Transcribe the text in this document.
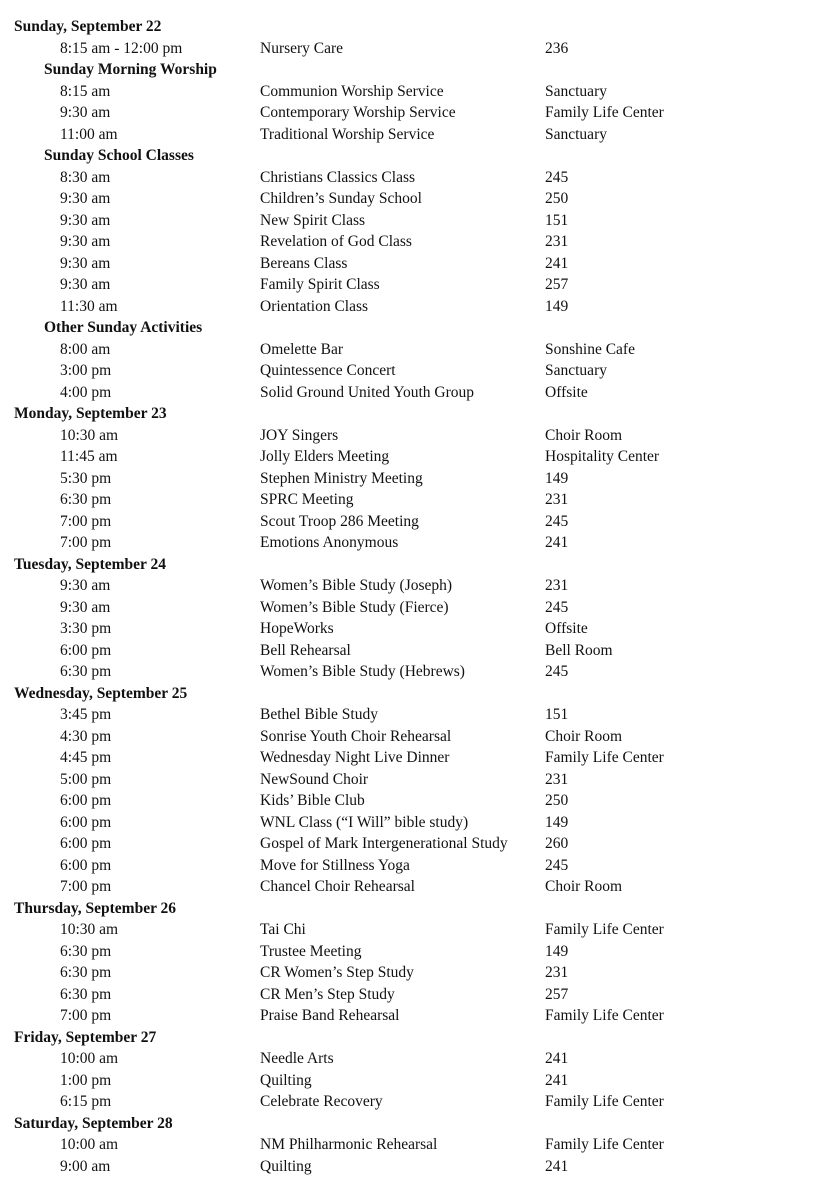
Sunday, September 22
8:15 am - 12:00 pm	Nursery Care	236
Sunday Morning Worship
8:15 am	Communion Worship Service	Sanctuary
9:30 am	Contemporary Worship Service	Family Life Center
11:00 am	Traditional Worship Service	Sanctuary
Sunday School Classes
8:30 am	Christians Classics Class	245
9:30 am	Children’s Sunday School	250
9:30 am	New Spirit Class	151
9:30 am	Revelation of God Class	231
9:30 am	Bereans Class	241
9:30 am	Family Spirit Class	257
11:30 am	Orientation Class	149
Other Sunday Activities
8:00 am	Omelette Bar	Sonshine Cafe
3:00 pm	Quintessence Concert	Sanctuary
4:00 pm	Solid Ground United Youth Group	Offsite
Monday, September 23
10:30 am	JOY Singers	Choir Room
11:45 am	Jolly Elders Meeting	Hospitality Center
5:30 pm	Stephen Ministry Meeting	149
6:30 pm	SPRC Meeting	231
7:00 pm	Scout Troop 286 Meeting	245
7:00 pm	Emotions Anonymous	241
Tuesday, September 24
9:30 am	Women’s Bible Study (Joseph)	231
9:30 am	Women’s Bible Study (Fierce)	245
3:30 pm	HopeWorks	Offsite
6:00 pm	Bell Rehearsal	Bell Room
6:30 pm	Women’s Bible Study (Hebrews)	245
Wednesday, September 25
3:45 pm	Bethel Bible Study	151
4:30 pm	Sonrise Youth Choir Rehearsal	Choir Room
4:45 pm	Wednesday Night Live Dinner	Family Life Center
5:00 pm	NewSound Choir	231
6:00 pm	Kids’ Bible Club	250
6:00 pm	WNL Class (“I Will” bible study)	149
6:00 pm	Gospel of Mark Intergenerational Study	260
6:00 pm	Move for Stillness Yoga	245
7:00 pm	Chancel Choir Rehearsal	Choir Room
Thursday, September 26
10:30 am	Tai Chi	Family Life Center
6:30 pm	Trustee Meeting	149
6:30 pm	CR Women’s Step Study	231
6:30 pm	CR Men’s Step Study	257
7:00 pm	Praise Band Rehearsal	Family Life Center
Friday, September 27
10:00 am	Needle Arts	241
1:00 pm	Quilting	241
6:15 pm	Celebrate Recovery	Family Life Center
Saturday, September 28
10:00 am	NM Philharmonic Rehearsal	Family Life Center
9:00 am	Quilting	241
